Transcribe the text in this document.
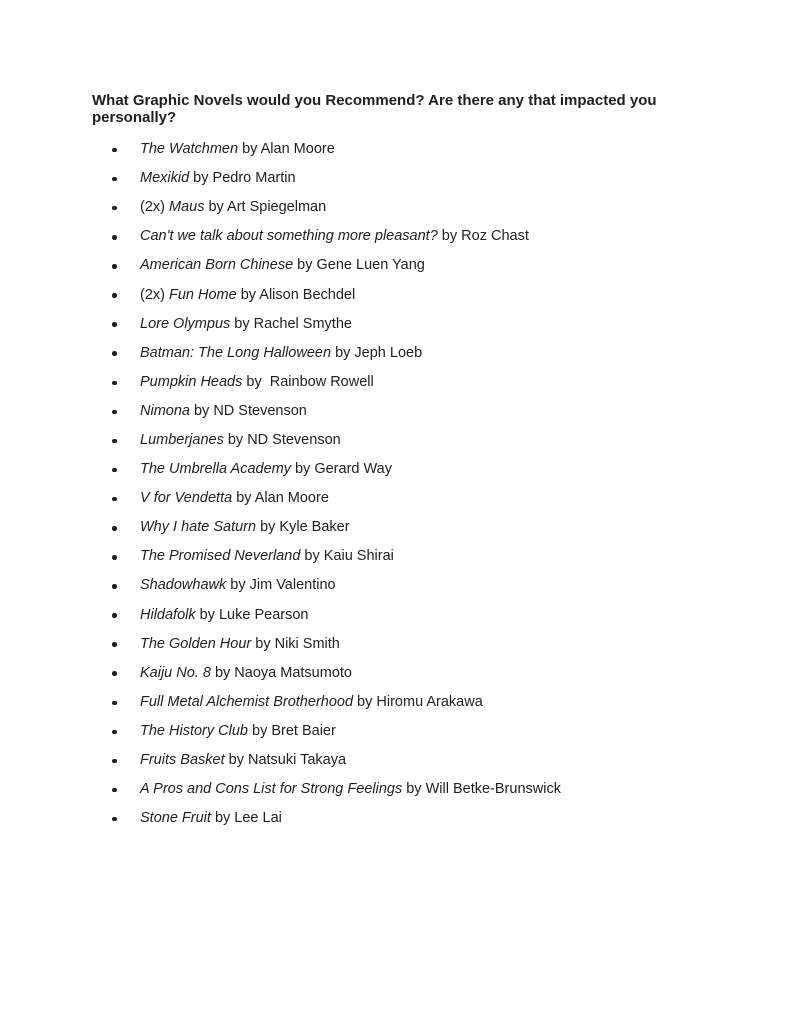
What Graphic Novels would you Recommend? Are there any that impacted you personally?

The Watchmen by Alan Moore
Mexikid by Pedro Martin
(2x) Maus by Art Spiegelman
Can't we talk about something more pleasant? by Roz Chast
American Born Chinese by Gene Luen Yang
(2x) Fun Home by Alison Bechdel
Lore Olympus by Rachel Smythe
Batman: The Long Halloween by Jeph Loeb
Pumpkin Heads by  Rainbow Rowell
Nimona by ND Stevenson
Lumberjanes by ND Stevenson
The Umbrella Academy by Gerard Way
V for Vendetta by Alan Moore
Why I hate Saturn by Kyle Baker
The Promised Neverland by Kaiu Shirai
Shadowhawk by Jim Valentino
Hildafolk by Luke Pearson
The Golden Hour by Niki Smith
Kaiju No. 8 by Naoya Matsumoto
Full Metal Alchemist Brotherhood by Hiromu Arakawa
The History Club by Bret Baier
Fruits Basket by Natsuki Takaya
A Pros and Cons List for Strong Feelings by Will Betke-Brunswick
Stone Fruit by Lee Lai
